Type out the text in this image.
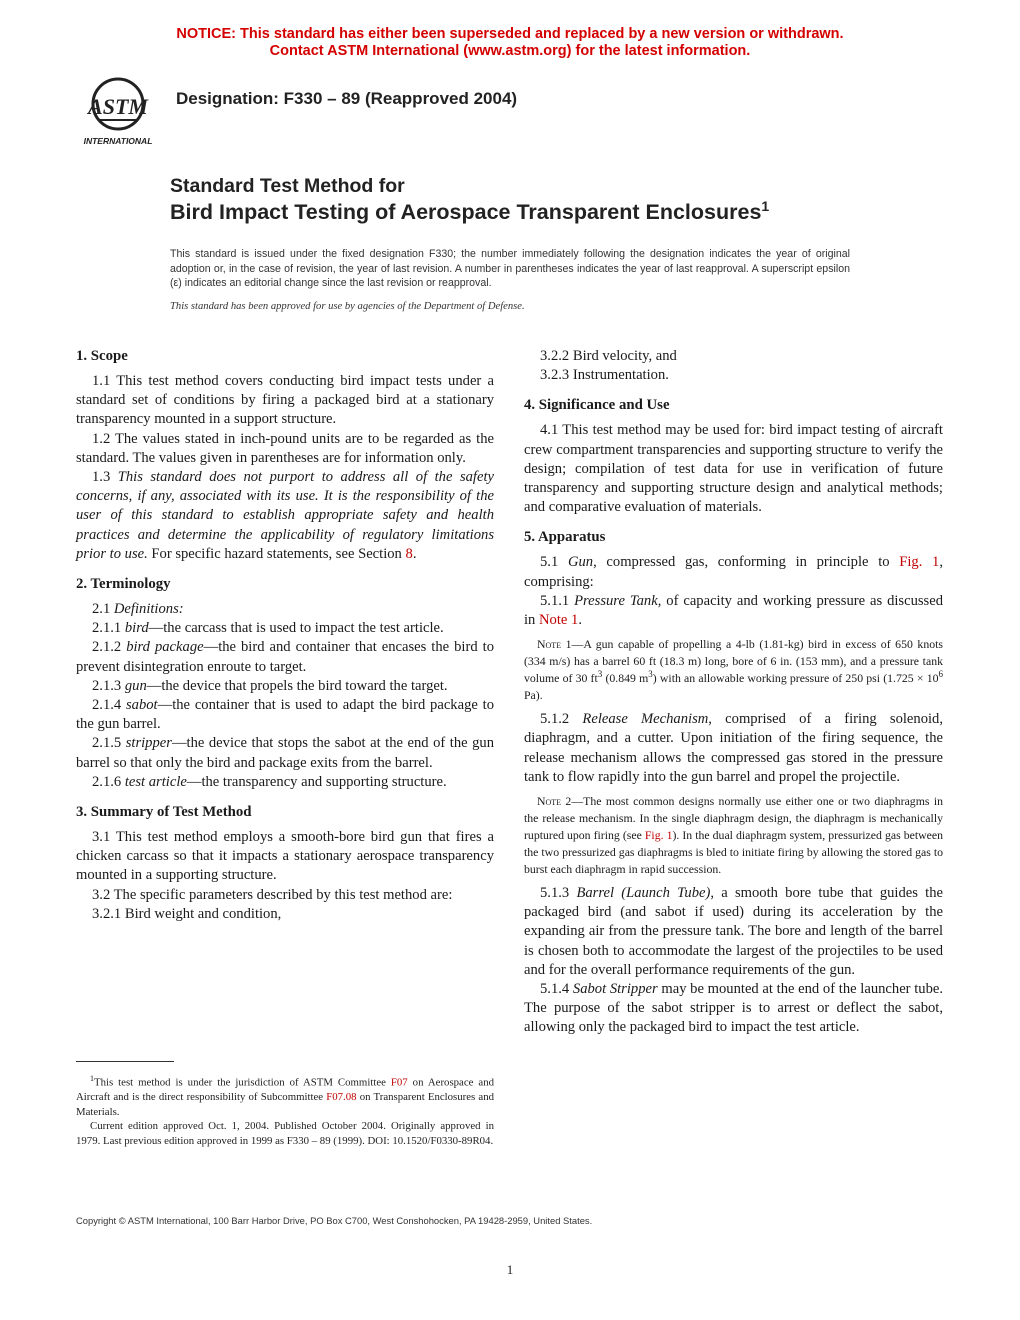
NOTICE: This standard has either been superseded and replaced by a new version or withdrawn.
Contact ASTM International (www.astm.org) for the latest information.
ASTM
INTERNATIONAL
Designation: F330 – 89 (Reapproved 2004)
Standard Test Method for
Bird Impact Testing of Aerospace Transparent Enclosures$^1$
This standard is issued under the fixed designation F330; the number immediately following the designation indicates the year of original adoption or, in the case of revision, the year of last revision. A number in parentheses indicates the year of last reapproval. A superscript epsilon (ε) indicates an editorial change since the last revision or reapproval.
This standard has been approved for use by agencies of the Department of Defense.
1. Scope

1.1 This test method covers conducting bird impact tests under a standard set of conditions by firing a packaged bird at a stationary transparency mounted in a support structure.

1.2 The values stated in inch-pound units are to be regarded as the standard. The values given in parentheses are for information only.

1.3 This standard does not purport to address all of the safety concerns, if any, associated with its use. It is the responsibility of the user of this standard to establish appropriate safety and health practices and determine the applicability of regulatory limitations prior to use. For specific hazard statements, see Section 8.

2. Terminology

2.1 Definitions:

2.1.1 bird—the carcass that is used to impact the test article.

2.1.2 bird package—the bird and container that encases the bird to prevent disintegration enroute to target.

2.1.3 gun—the device that propels the bird toward the target.

2.1.4 sabot—the container that is used to adapt the bird package to the gun barrel.

2.1.5 stripper—the device that stops the sabot at the end of the gun barrel so that only the bird and package exits from the barrel.

2.1.6 test article—the transparency and supporting structure.

3. Summary of Test Method

3.1 This test method employs a smooth-bore bird gun that fires a chicken carcass so that it impacts a stationary aerospace transparency mounted in a supporting structure.

3.2 The specific parameters described by this test method are:

3.2.1 Bird weight and condition,

3.2.2 Bird velocity, and

3.2.3 Instrumentation.

4. Significance and Use

4.1 This test method may be used for: bird impact testing of aircraft crew compartment transparencies and supporting structure to verify the design; compilation of test data for use in verification of future transparency and supporting structure design and analytical methods; and comparative evaluation of materials.

5. Apparatus

5.1 Gun, compressed gas, conforming in principle to Fig. 1, comprising:

5.1.1 Pressure Tank, of capacity and working pressure as discussed in Note 1.

Note 1—A gun capable of propelling a 4-lb (1.81-kg) bird in excess of 650 knots (334 m/s) has a barrel 60 ft (18.3 m) long, bore of 6 in. (153 mm), and a pressure tank volume of 30 $ft^3$ (0.849 $m^3$) with an allowable working pressure of 250 psi ($1.725 \times 10^6$ Pa).

5.1.2 Release Mechanism, comprised of a firing solenoid, diaphragm, and a cutter. Upon initiation of the firing sequence, the release mechanism allows the compressed gas stored in the pressure tank to flow rapidly into the gun barrel and propel the projectile.

Note 2—The most common designs normally use either one or two diaphragms in the release mechanism. In the single diaphragm design, the diaphragm is mechanically ruptured upon firing (see Fig. 1). In the dual diaphragm system, pressurized gas between the two pressurized gas diaphragms is bled to initiate firing by allowing the stored gas to burst each diaphragm in rapid succession.

5.1.3 Barrel (Launch Tube), a smooth bore tube that guides the packaged bird (and sabot if used) during its acceleration by the expanding air from the pressure tank. The bore and length of the barrel is chosen both to accommodate the largest of the projectiles to be used and for the overall performance requirements of the gun.

5.1.4 Sabot Stripper may be mounted at the end of the launcher tube. The purpose of the sabot stripper is to arrest or deflect the sabot, allowing only the packaged bird to impact the test article.

$^1$This test method is under the jurisdiction of ASTM Committee F07 on Aerospace and Aircraft and is the direct responsibility of Subcommittee F07.08 on Transparent Enclosures and Materials.

Current edition approved Oct. 1, 2004. Published October 2004. Originally approved in 1979. Last previous edition approved in 1999 as F330 – 89 (1999). DOI: 10.1520/F0330-89R04.

Copyright © ASTM International, 100 Barr Harbor Drive, PO Box C700, West Conshohocken, PA 19428-2959, United States.
1
